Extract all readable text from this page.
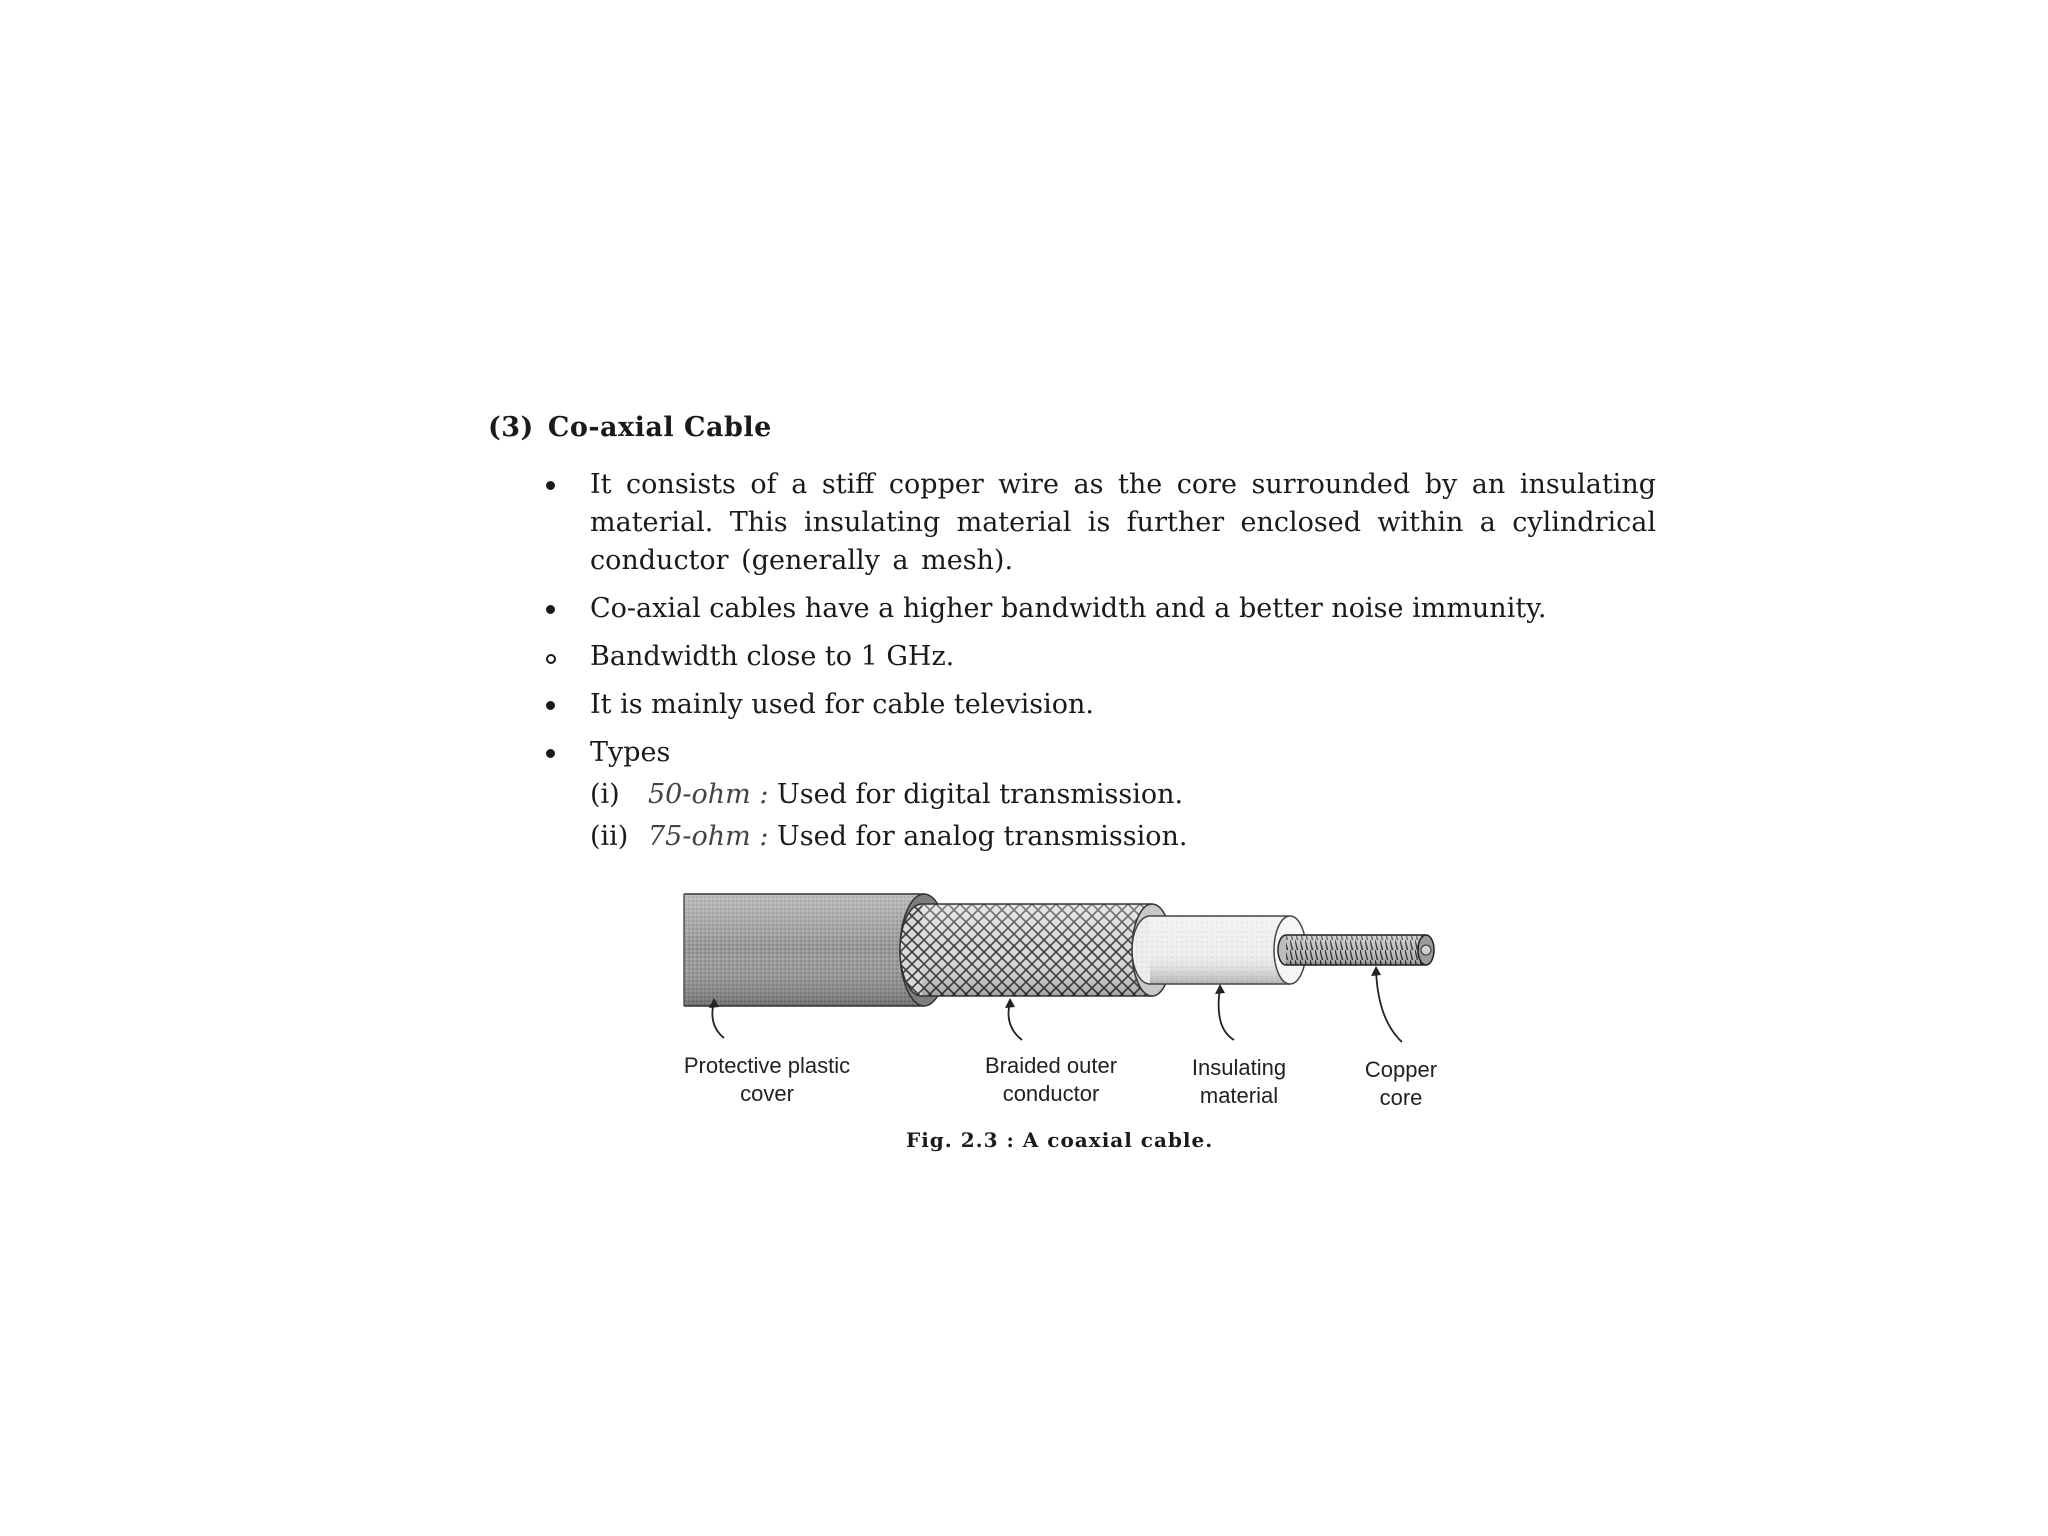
(3) Co-axial Cable
It consists of a stiff copper wire as the core surrounded by an insulating material. This insulating material is further enclosed within a cylindrical conductor (generally a mesh).
Co-axial cables have a higher bandwidth and a better noise immunity.
Bandwidth close to 1 GHz.
It is mainly used for cable television.
Types
(i) 50-ohm : Used for digital transmission.
(ii) 75-ohm : Used for analog transmission.
Protective plastic
cover
Braided outer
conductor
Insulating
material
Copper
core
Fig. 2.3 : A coaxial cable.
